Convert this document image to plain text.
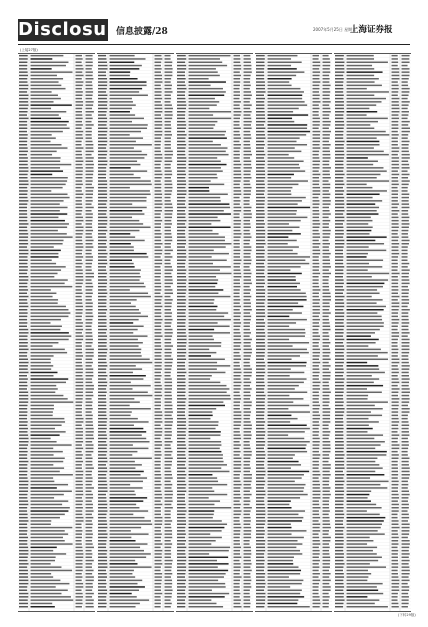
Disclosure
信息披露/28	2007年5月25日 星期五
上海证券报
(上接27版)
(下转29版)
